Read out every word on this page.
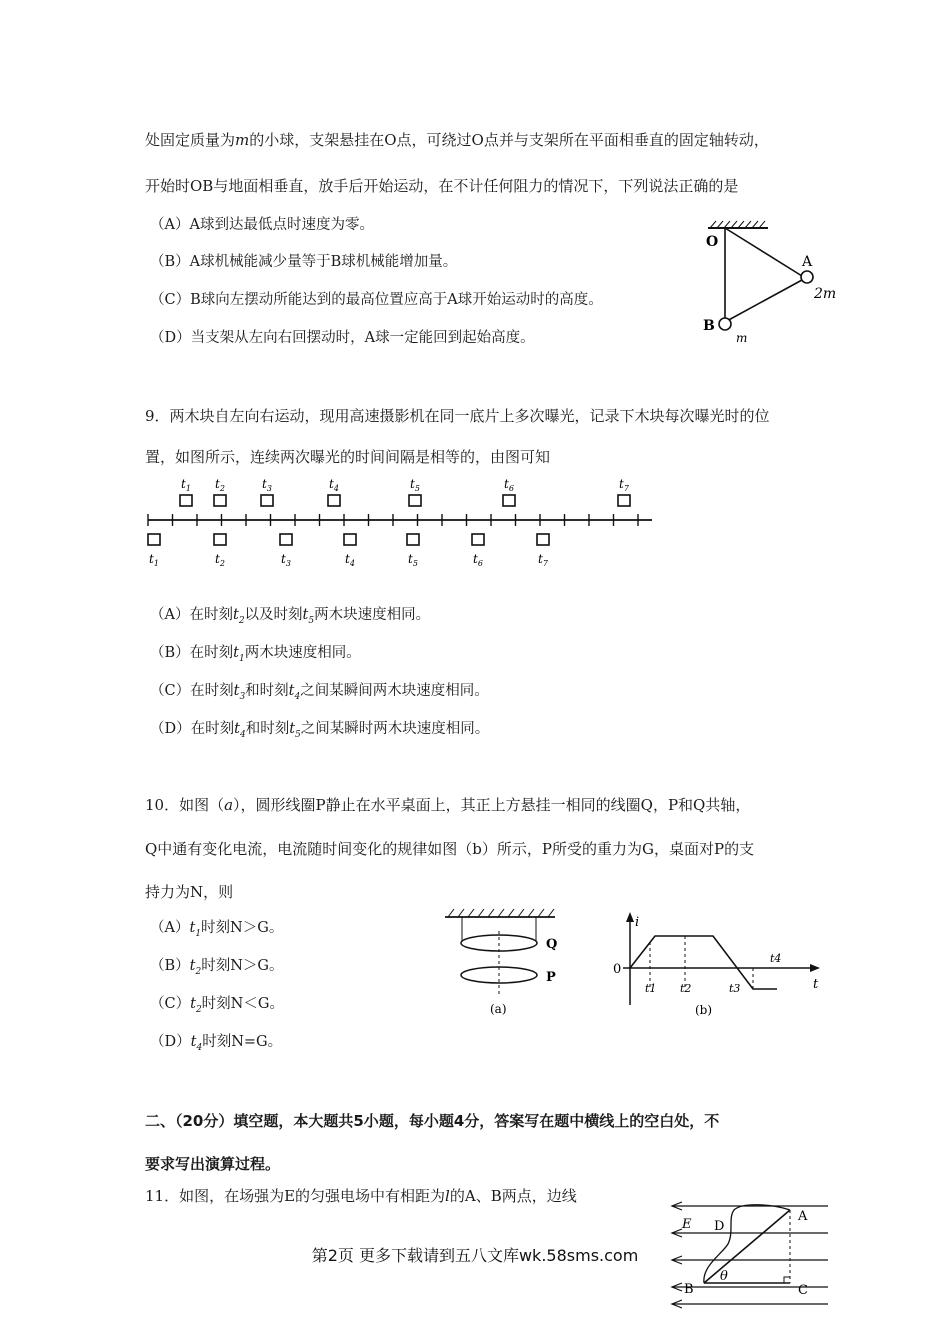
处固定质量为m的小球，支架悬挂在O点，可绕过O点并与支架所在平面相垂直的固定轴转动，
开始时OB与地面相垂直，放手后开始运动，在不计任何阻力的情况下，下列说法正确的是
（A）A球到达最低点时速度为零。
（B）A球机械能减少量等于B球机械能增加量。
（C）B球向左摆动所能达到的最高位置应高于A球开始运动时的高度。
（D）当支架从左向右回摆动时，A球一定能回到起始高度。
O
A
2m
B
m
9．两木块自左向右运动，现用高速摄影机在同一底片上多次曝光，记录下木块每次曝光时的位
置，如图所示，连续两次曝光的时间间隔是相等的，由图可知
$t_1$ $t_2$	$t_3$	$t_4$	$t_5$	$t_6$	$t_7$
$t_1$	$t_2$	$t_3$	$t_4$	$t_5$	$t_6$	$t_7$
（A）在时刻$t_2$以及时刻$t_5$两木块速度相同。
（B）在时刻$t_1$两木块速度相同。
（C）在时刻$t_3$和时刻$t_4$之间某瞬间两木块速度相同。
（D）在时刻$t_4$和时刻$t_5$之间某瞬时两木块速度相同。
10．如图（a），圆形线圈P静止在水平桌面上，其正上方悬挂一相同的线圈Q，P和Q共轴，
Q中通有变化电流，电流随时间变化的规律如图（b）所示，P所受的重力为G，桌面对P的支
持力为N，则
$(A)t_1$时刻N＞G。
$(B)t_2$时刻N＞G。
$(C)t_2$时刻N＜G。
$(D)t_4$时刻N=G。
Q
P
(a)
i
0
t
t1 t2	t3
t4
(b)
二、（20分）填空题，本大题共5小题，每小题4分，答案写在题中横线上的空白处，不
要求写出演算过程。
11．如图，在场强为E的匀强电场中有相距为l的A、B两点，边线
E D
A
B	C
θ
第2页 更多下载请到五八文库wk.58sms.com
